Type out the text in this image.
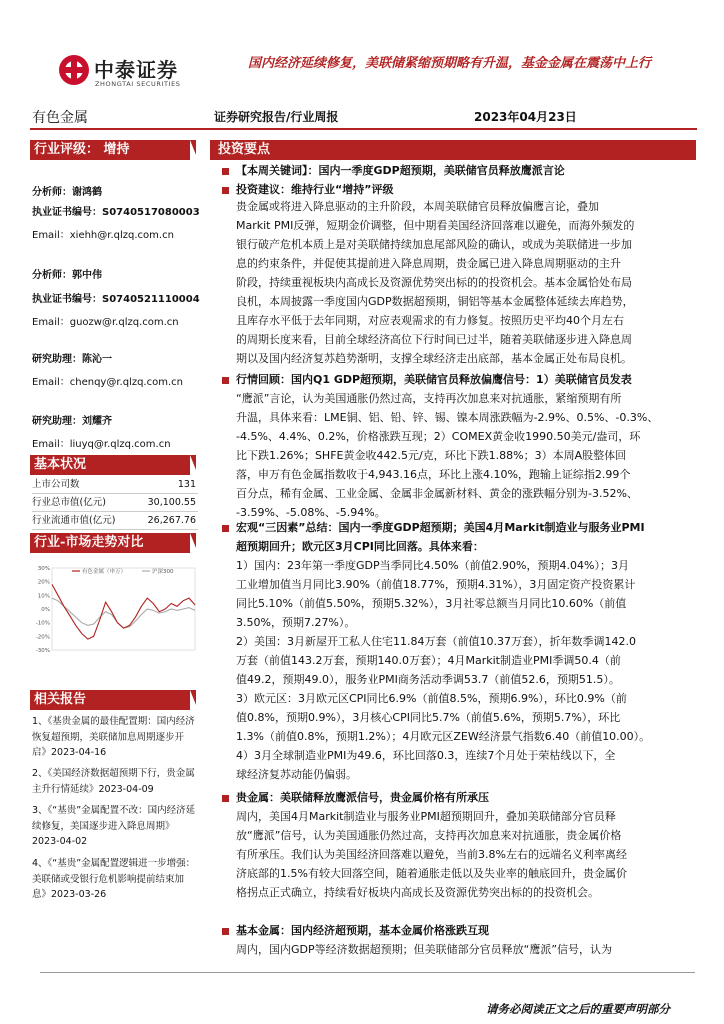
中泰证券
ZHONGTAI SECURITIES
国内经济延续修复，美联储紧缩预期略有升温，基金金属在震荡中上行
有色金属	证券研究报告/行业周报	2023年04月23日
行业评级： 增持
分析师：谢鸿鹤
执业证书编号：S0740517080003
Email：xiehh@r.qlzq.com.cn
分析师：郭中伟
执业证书编号：S0740521110004
Email：guozw@r.qlzq.com.cn
研究助理：陈沁一
Email：chenqy@r.qlzq.com.cn
研究助理：刘耀齐
Email：liuyq@r.qlzq.com.cn
基本状况
上市公司数	131
行业总市值(亿元)	30,100.55
行业流通市值(亿元)	26,267.76
行业-市场走势对比
30%
20%
10%
0%
-10%
-20%
-30%
有色金属（申万）	沪深300
相关报告
1、《基贵金属的最佳配置期：国内经济恢复超预期，美联储加息周期逐步开启》2023-04-16
2、《美国经济数据超预期下行，贵金属主升行情延续》2023-04-09
3、《“基贵”金属配置不改：国内经济延续修复，美国逐步进入降息周期》2023-04-02
4、《“基贵”金属配置逻辑进一步增强：美联储或受银行危机影响提前结束加息》2023-03-26
投资要点
【本周关键词】：国内一季度GDP超预期，美联储官员释放鹰派言论
投资建议：维持行业“增持”评级
贵金属或将进入降息驱动的主升阶段，本周美联储官员释放偏鹰言论，叠加
Markit PMI反弹，短期金价调整，但中期看美国经济回落难以避免，而海外频发的
银行破产危机本质上是对美联储持续加息尾部风险的确认，或成为美联储进一步加
息的约束条件，并促使其提前进入降息周期，贵金属已进入降息周期驱动的主升
阶段，持续重视板块内高成长及资源优势突出标的的投资机会。基本金属恰处布局
良机，本周披露一季度国内GDP数据超预期，铜铝等基本金属整体延续去库趋势，
且库存水平低于去年同期，对应表观需求的有力修复。按照历史平均40个月左右
的周期长度来看，目前全球经济高位下行时间已过半，随着美联储逐步进入降息周
期以及国内经济复苏趋势渐明，支撑全球经济走出底部，基本金属正处布局良机。
行情回顾：国内Q1 GDP超预期，美联储官员释放偏鹰信号：1）美联储官员发表
“鹰派”言论，认为美国通胀仍然过高，支持再次加息来对抗通胀，紧缩预期有所
升温，具体来看：LME铜、铝、铅、锌、锡、镍本周涨跌幅为-2.9%、0.5%、-0.3%、
-4.5%、4.4%、0.2%，价格涨跌互现；2）COMEX黄金收1990.50美元/盎司，环
比下跌1.26%；SHFE黄金收442.5元/克，环比下跌1.88%；3）本周A股整体回
落，申万有色金属指数收于4,943.16点，环比上涨4.10%，跑输上证综指2.99个
百分点，稀有金属、工业金属、金属非金属新材料、黄金的涨跌幅分别为-3.52%、
-3.59%、-5.08%、-5.94%。
宏观“三因素”总结：国内一季度GDP超预期；美国4月Markit制造业与服务业PMI
超预期回升；欧元区3月CPI同比回落。具体来看：
1）国内：23年第一季度GDP当季同比4.50%（前值2.90%，预期4.04%）；3月
工业增加值当月同比3.90%（前值18.77%，预期4.31%），3月固定资产投资累计
同比5.10%（前值5.50%，预期5.32%），3月社零总额当月同比10.60%（前值
3.50%，预期7.27%）。
2）美国：3月新屋开工私人住宅11.84万套（前值10.37万套），折年数季调142.0
万套（前值143.2万套，预期140.0万套）；4月Markit制造业PMI季调50.4（前
值49.2，预期49.0），服务业PMI商务活动季调53.7（前值52.6，预期51.5）。
3）欧元区：3月欧元区CPI同比6.9%（前值8.5%，预期6.9%），环比0.9%（前
值0.8%，预期0.9%），3月核心CPI同比5.7%（前值5.6%，预期5.7%），环比
1.3%（前值0.8%，预期1.2%）；4月欧元区ZEW经济景气指数6.40（前值10.00）。
4）3月全球制造业PMI为49.6，环比回落0.3，连续7个月处于荣枯线以下，全
球经济复苏动能仍偏弱。
贵金属：美联储释放鹰派信号，贵金属价格有所承压
周内，美国4月Markit制造业与服务业PMI超预期回升，叠加美联储部分官员释
放“鹰派”信号，认为美国通胀仍然过高，支持再次加息来对抗通胀，贵金属价格
有所承压。我们认为美国经济回落难以避免，当前3.8%左右的远端名义利率离经
济底部的1.5%有较大回落空间，随着通胀走低以及失业率的触底回升，贵金属价
格拐点正式确立，持续看好板块内高成长及资源优势突出标的的投资机会。
基本金属：国内经济超预期，基本金属价格涨跌互现
周内，国内GDP等经济数据超预期；但美联储部分官员释放“鹰派”信号，认为
请务必阅读正文之后的重要声明部分
